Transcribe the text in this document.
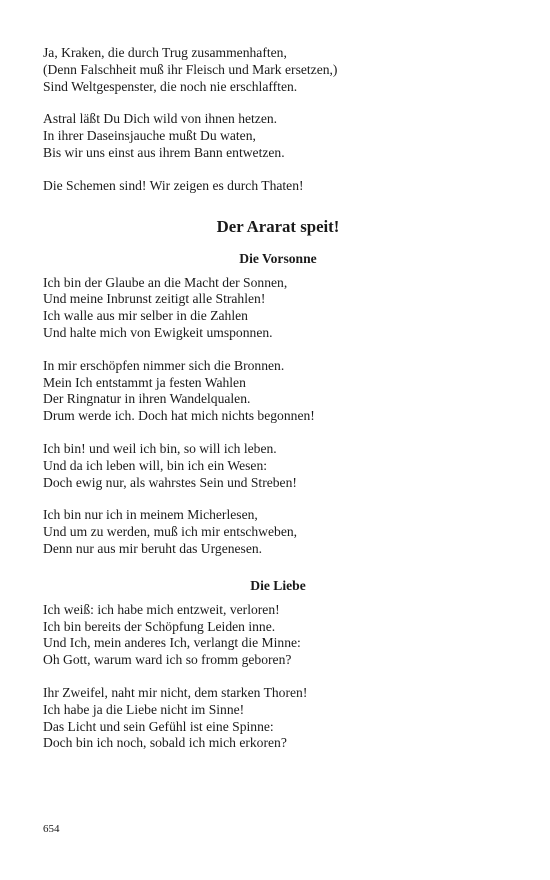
Ja, Kraken, die durch Trug zusammenhaften,
(Denn Falschheit muß ihr Fleisch und Mark ersetzen,)
Sind Weltgespenster, die noch nie erschlafften.
Astral läßt Du Dich wild von ihnen hetzen.
In ihrer Daseinsjauche mußt Du waten,
Bis wir uns einst aus ihrem Bann entwetzen.
Die Schemen sind! Wir zeigen es durch Thaten!
Der Ararat speit!
Die Vorsonne
Ich bin der Glaube an die Macht der Sonnen,
Und meine Inbrunst zeitigt alle Strahlen!
Ich walle aus mir selber in die Zahlen
Und halte mich von Ewigkeit umsponnen.
In mir erschöpfen nimmer sich die Bronnen.
Mein Ich entstammt ja festen Wahlen
Der Ringnatur in ihren Wandelqualen.
Drum werde ich. Doch hat mich nichts begonnen!
Ich bin! und weil ich bin, so will ich leben.
Und da ich leben will, bin ich ein Wesen:
Doch ewig nur, als wahrstes Sein und Streben!
Ich bin nur ich in meinem Micherlesen,
Und um zu werden, muß ich mir entschweben,
Denn nur aus mir beruht das Urgenesen.
Die Liebe
Ich weiß: ich habe mich entzweit, verloren!
Ich bin bereits der Schöpfung Leiden inne.
Und Ich, mein anderes Ich, verlangt die Minne:
Oh Gott, warum ward ich so fromm geboren?
Ihr Zweifel, naht mir nicht, dem starken Thoren!
Ich habe ja die Liebe nicht im Sinne!
Das Licht und sein Gefühl ist eine Spinne:
Doch bin ich noch, sobald ich mich erkoren?
654
